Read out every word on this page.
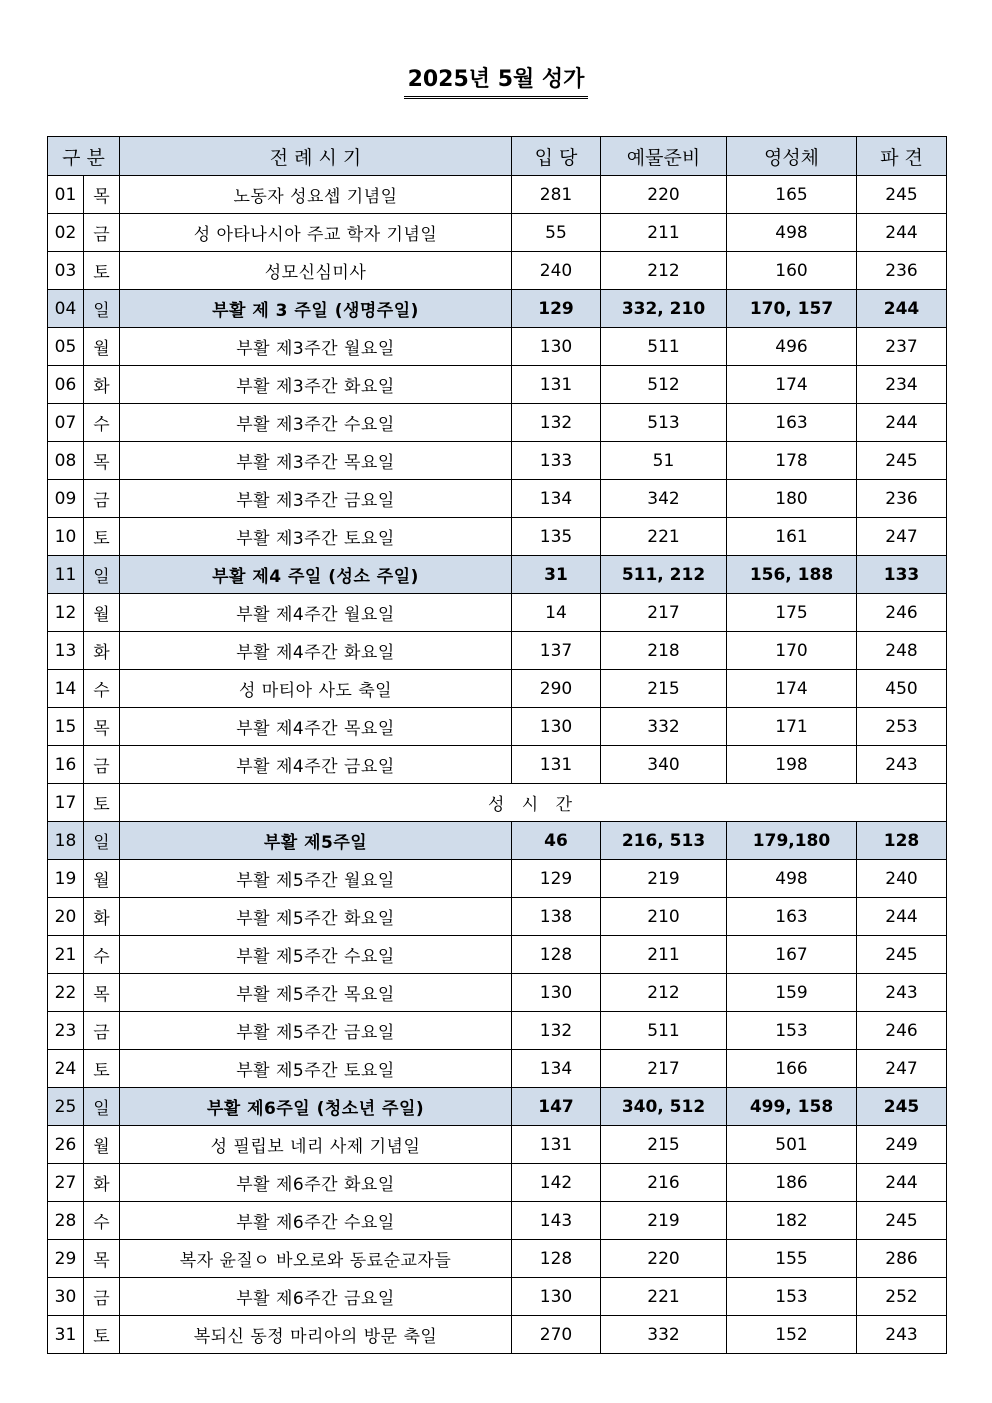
2025년 5월 성가
구 분		전 례 시 기	입 당	예물준비	영성체	파 견
01	목	노동자 성요셉 기념일	281	220	165	245
02	금	성 아타나시아 주교 학자 기념일	55	211	498	244
03	토	성모신심미사	240	212	160	236
04	일	부활 제 3 주일 (생명주일)	129	332, 210	170, 157	244
05	월	부활 제3주간 월요일	130	511	496	237
06	화	부활 제3주간 화요일	131	512	174	234
07	수	부활 제3주간 수요일	132	513	163	244
08	목	부활 제3주간 목요일	133	51	178	245
09	금	부활 제3주간 금요일	134	342	180	236
10	토	부활 제3주간 토요일	135	221	161	247
11	일	부활 제4 주일 (성소 주일)	31	511, 212	156, 188	133
12	월	부활 제4주간 월요일	14	217	175	246
13	화	부활 제4주간 화요일	137	218	170	248
14	수	성 마티아 사도 축일	290	215	174	450
15	목	부활 제4주간 목요일	130	332	171	253
16	금	부활 제4주간 금요일	131	340	198	243
17	토	성 시 간				
18	일	부활 제5주일	46	216, 513	179,180	128
19	월	부활 제5주간 월요일	129	219	498	240
20	화	부활 제5주간 화요일	138	210	163	244
21	수	부활 제5주간 수요일	128	211	167	245
22	목	부활 제5주간 목요일	130	212	159	243
23	금	부활 제5주간 금요일	132	511	153	246
24	토	부활 제5주간 토요일	134	217	166	247
25	일	부활 제6주일 (청소년 주일)	147	340, 512	499, 158	245
26	월	성 필립보 네리 사제 기념일	131	215	501	249
27	화	부활 제6주간 화요일	142	216	186	244
28	수	부활 제6주간 수요일	143	219	182	245
29	목	복자 윤질ㅇ 바오로와 동료순교자들	128	220	155	286
30	금	부활 제6주간 금요일	130	221	153	252
31	토	복되신 동정 마리아의 방문 축일	270	332	152	243
